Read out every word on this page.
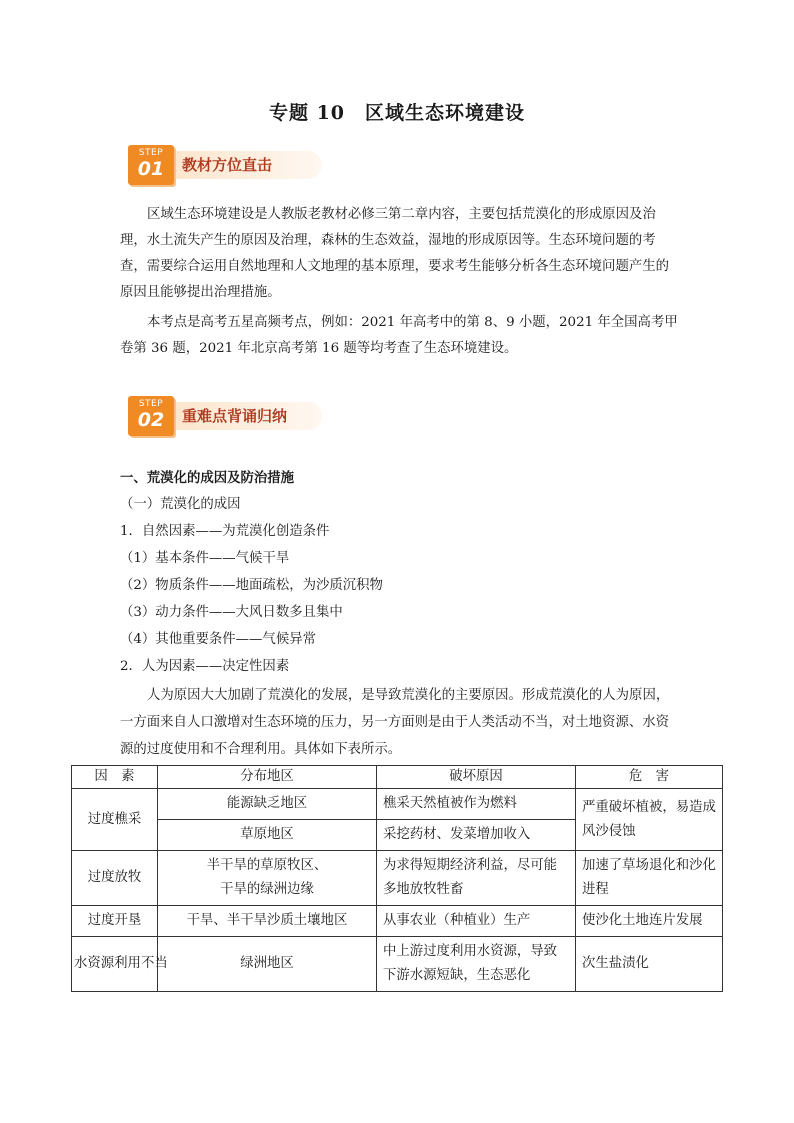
专题 10　区域生态环境建设
STEP
01	教材方位直击

区域生态环境建设是人教版老教材必修三第二章内容，主要包括荒漠化的形成原因及治理，水土流失产生的原因及治理，森林的生态效益，湿地的形成原因等。生态环境问题的考查，需要综合运用自然地理和人文地理的基本原理，要求考生能够分析各生态环境问题产生的原因且能够提出治理措施。

本考点是高考五星高频考点，例如：2021 年高考中的第 8、9 小题，2021 年全国高考甲卷第 36 题，2021 年北京高考第 16 题等均考查了生态环境建设。

STEP
02	重难点背诵归纳
一、荒漠化的成因及防治措施
（一）荒漠化的成因
1．自然因素——为荒漠化创造条件
（1）基本条件——气候干旱
（2）物质条件——地面疏松，为沙质沉积物
（3）动力条件——大风日数多且集中
（4）其他重要条件——气候异常
2．人为因素——决定性因素

人为原因大大加剧了荒漠化的发展，是导致荒漠化的主要原因。形成荒漠化的人为原因，一方面来自人口激增对生态环境的压力，另一方面则是由于人类活动不当，对土地资源、水资源的过度使用和不合理利用。具体如下表所示。

因　素	分布地区	破坏原因	危　害
过度樵采	能源缺乏地区	樵采天然植被作为燃料	严重破坏植被，易造成风沙侵蚀
	草原地区	采挖药材、发菜增加收入	
过度放牧	半干旱的草原牧区、
干旱的绿洲边缘	为求得短期经济利益，尽可能多地放牧牲畜	加速了草场退化和沙化进程
过度开垦	干旱、半干旱沙质土壤地区	从事农业（种植业）生产	使沙化土地连片发展
水资源利用不当	绿洲地区	中上游过度利用水资源，导致下游水源短缺，生态恶化	次生盐渍化
